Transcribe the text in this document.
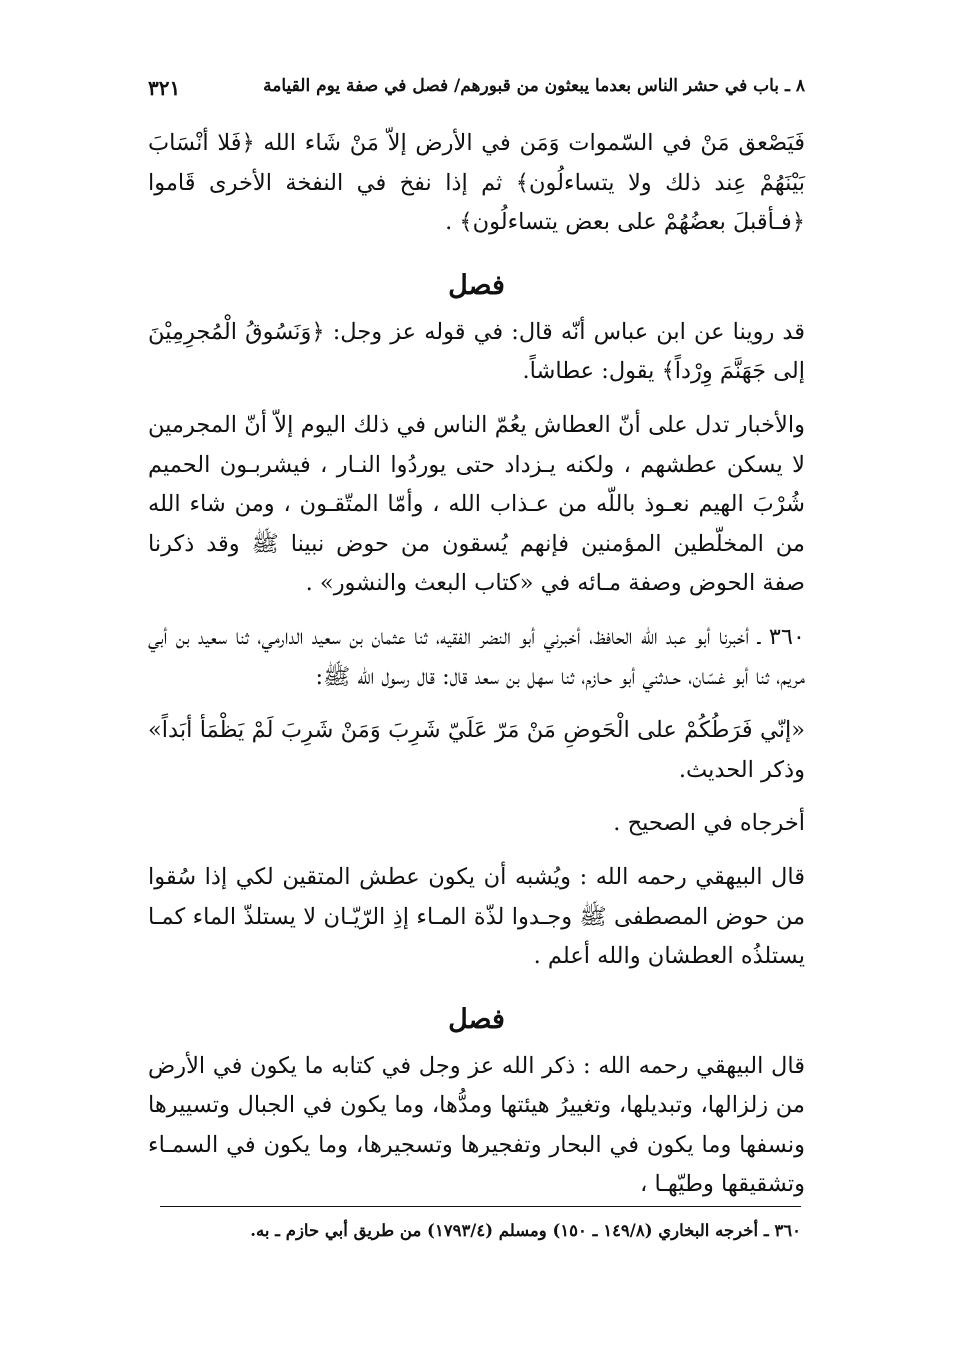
٨ ـ باب في حشر الناس بعدما يبعثون من قبورهم/ فصل في صفة يوم القيامة
٣٢١

فَيَصْعق مَنْ في السّموات وَمَن في الأرض إلاّ مَنْ شَاء الله ﴿فَلا أنْسَابَ بَيْنَهُمْ عِند ذلك ولا يتساءلُون﴾ ثم إذا نفخ في النفخة الأخرى قَاموا ﴿فـأقبلَ بعضُهُمْ على بعض يتساءلُون﴾ .

فصل

قد روينا عن ابن عباس أنّه قال: في قوله عز وجل: ﴿وَنَسُوقُ الْمُجرِمِيْنَ إلى جَهَنَّمَ وِرْداً﴾ يقول: عطاشاً.

والأخبار تدل على أنّ العطاش يعُمّ الناس في ذلك اليوم إلاّ أنّ المجرمين لا يسكن عطشهم ، ولكنه يـزداد حتى يوردُوا النـار ، فيشربـون الحميم شُرْبَ الهيم نعـوذ باللّه من عـذاب الله ، وأمّا المتّقـون ، ومن شاء الله من المخلّطين المؤمنين فإنهم يُسقون من حوض نبينا ﷺ وقد ذكرنا صفة الحوض وصفة مـائه في «كتاب البعث والنشور» .

٣٦٠ ـ أخبرنا أبو عبد الله الحافظ، أخبرني أبو النضر الفقيه، ثنا عثمان بن سعيد الدارمي، ثنا سعيد بن أبي مريم، ثنا أبو غسّان، حـدثني أبو حـازم، ثنا سهل بن سعد قال: قال رسول الله ﷺ:

«إنّي فَرَطُكُمْ على الْحَوضِ مَنْ مَرّ عَلَيّ شَرِبَ وَمَنْ شَرِبَ لَمْ يَظْمَأ أبَداً» وذكر الحديث.

أخرجاه في الصحيح .

قال البيهقي رحمه الله : ويُشبه أن يكون عطش المتقين لكي إذا سُقوا من حوض المصطفى ﷺ وجـدوا لذّة المـاء إذِ الرّيّـان لا يستلذّ الماء كمـا يستلذُه العطشان والله أعلم .

فصل

قال البيهقي رحمه الله : ذكر الله عز وجل في كتابه ما يكون في الأرض من زلزالها، وتبديلها، وتغييرُ هيئتها ومدُّها، وما يكون في الجبال وتسييرها ونسفها وما يكون في البحار وتفجيرها وتسجيرها، وما يكون في السمـاء وتشقيقها وطيّهـا ،

٣٦٠ ـ أخرجه البخاري (١٤٩/٨ ـ ١٥٠) ومسلم (١٧٩٣/٤) من طريق أبي حازم ـ به.
